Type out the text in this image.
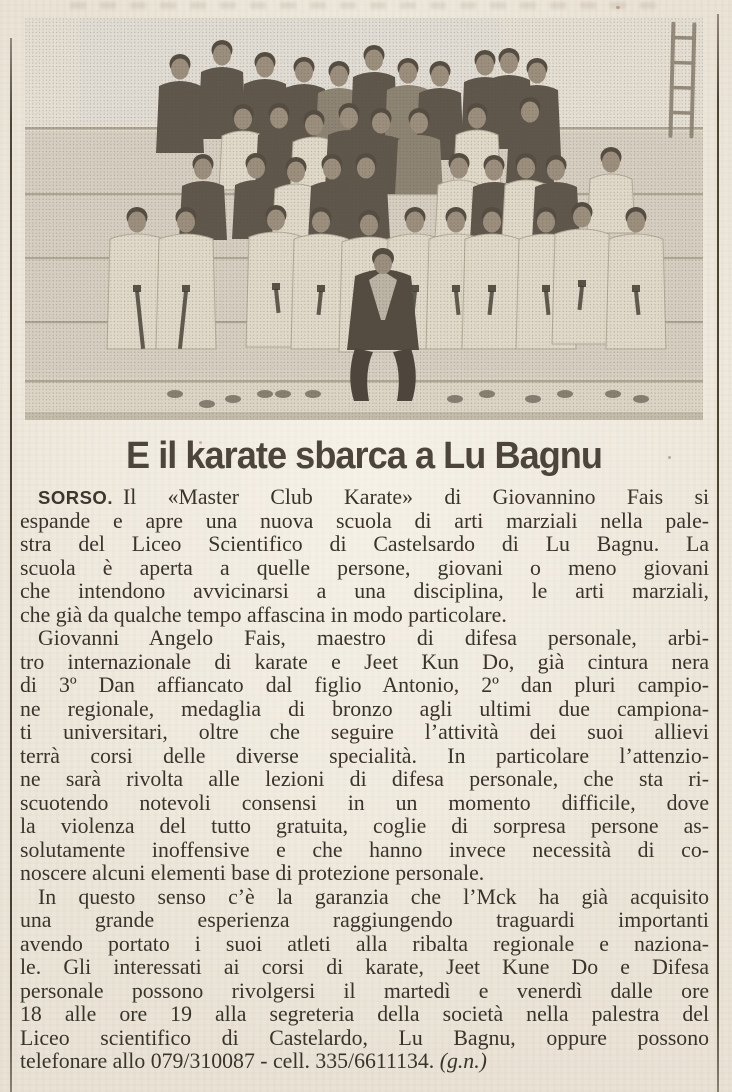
E il karate sbarca a Lu Bagnu
SORSO. Il «Master Club Karate» di Giovannino Fais si
espande e apre una nuova scuola di arti marziali nella pale-
stra del Liceo Scientifico di Castelsardo di Lu Bagnu. La
scuola è aperta a quelle persone, giovani o meno giovani
che intendono avvicinarsi a una disciplina, le arti marziali,
che già da qualche tempo affascina in modo particolare.
Giovanni Angelo Fais, maestro di difesa personale, arbi-
tro internazionale di karate e Jeet Kun Do, già cintura nera
di 3º Dan affiancato dal figlio Antonio, 2º dan pluri campio-
ne regionale, medaglia di bronzo agli ultimi due campiona-
ti universitari, oltre che seguire l’attività dei suoi allievi
terrà corsi delle diverse specialità. In particolare l’attenzio-
ne sarà rivolta alle lezioni di difesa personale, che sta ri-
scuotendo notevoli consensi in un momento difficile, dove
la violenza del tutto gratuita, coglie di sorpresa persone as-
solutamente inoffensive e che hanno invece necessità di co-
noscere alcuni elementi base di protezione personale.
In questo senso c’è la garanzia che l’Mck ha già acquisito
una grande esperienza raggiungendo traguardi importanti
avendo portato i suoi atleti alla ribalta regionale e naziona-
le. Gli interessati ai corsi di karate, Jeet Kune Do e Difesa
personale possono rivolgersi il martedì e venerdì dalle ore
18 alle ore 19 alla segreteria della società nella palestra del
Liceo scientifico di Castelardo, Lu Bagnu, oppure possono
telefonare allo 079/310087 - cell. 335/6611134. (g.n.)
